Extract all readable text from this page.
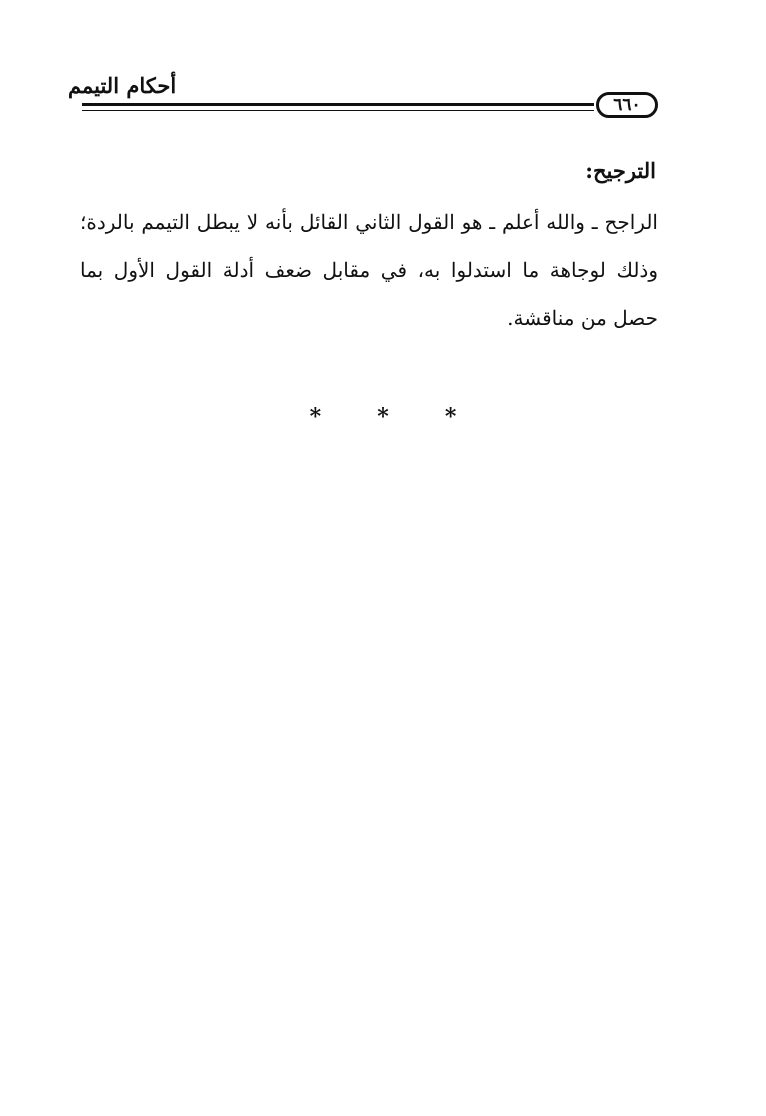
أحكام التيمم
٦٦٠
الترجيح:

الراجح ـ والله أعلم ـ هو القول الثاني القائل بأنه لا يبطل التيمم بالردة؛ وذلك لوجاهة ما استدلوا به، في مقابل ضعف أدلة القول الأول بما حصل من مناقشة.

*	*	*
